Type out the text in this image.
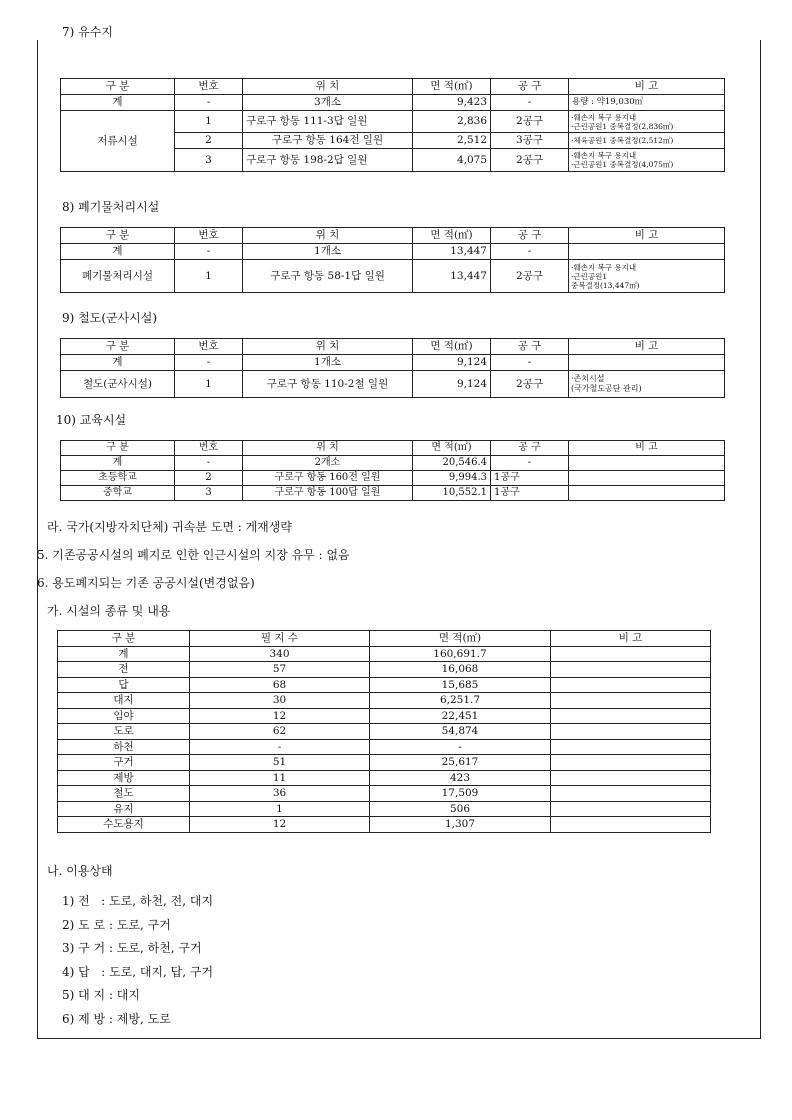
7) 유수지
구 분	번호	위 치	면 적(㎡)	공 구	비 고
계	-	3개소	9,423	-	용량 : 약19,030㎥
저류시설	1	구로구 항동 111-3답 일원	2,836	2공구	·훼손지 복구 용지내
·근린공원1 중복결정(2,836㎡)

	2	구로구 항동 164전 일원	2,512	3공구	·체육공원1 중복결정(2,512㎡)

	3	구로구 항동 198-2답 일원	4,075	2공구	·훼손지 복구 용지내
·근린공원1 중복결정(4,075㎡)
8) 폐기물처리시설
구 분	번호	위 치	면 적(㎡)	공 구	비 고
계	-	1개소	13,447	-	
폐기물처리시설	1	구로구 항동 58-1답 일원	13,447	2공구	·훼손지 복구 용지내
·근린공원1
중복결정(13,447㎡)
9) 철도(군사시설)
구 분	번호	위 치	면 적(㎡)	공 구	비 고
계	-	1개소	9,124	-	
철도(군사시설)	1	구로구 항동 110-2철 일원	9,124	2공구	·존치시설
(국가철도공단 관리)
10) 교육시설
구 분	번호	위 치	면 적(㎡)	공 구	비 고
계	-	2개소	20,546.4	-	
초등학교	2	구로구 항동 160전 일원	9,994.3	1공구	
중학교	3	구로구 항동 100답 일원	10,552.1	1공구	
라. 국가(지방자치단체) 귀속분 도면 : 게재생략
5. 기존공공시설의 폐지로 인한 인근시설의 지장 유무 : 없음
6. 용도폐지되는 기존 공공시설(변경없음)
가. 시설의 종류 및 내용
구 분	필 지 수	면 적(㎡)	비 고
계	340	160,691.7	
전	57	16,068	
답	68	15,685	
대지	30	6,251.7	
임야	12	22,451	
도로	62	54,874	
하천	-	-	
구거	51	25,617	
제방	11	423	
철도	36	17,509	
유지	1	506	
수도용지	12	1,307	
나. 이용상태
1) 전   : 도로, 하천, 전, 대지
2) 도 로 : 도로, 구거
3) 구 거 : 도로, 하천, 구거
4) 답   : 도로, 대지, 답, 구거
5) 대 지 : 대지
6) 제 방 : 제방, 도로
